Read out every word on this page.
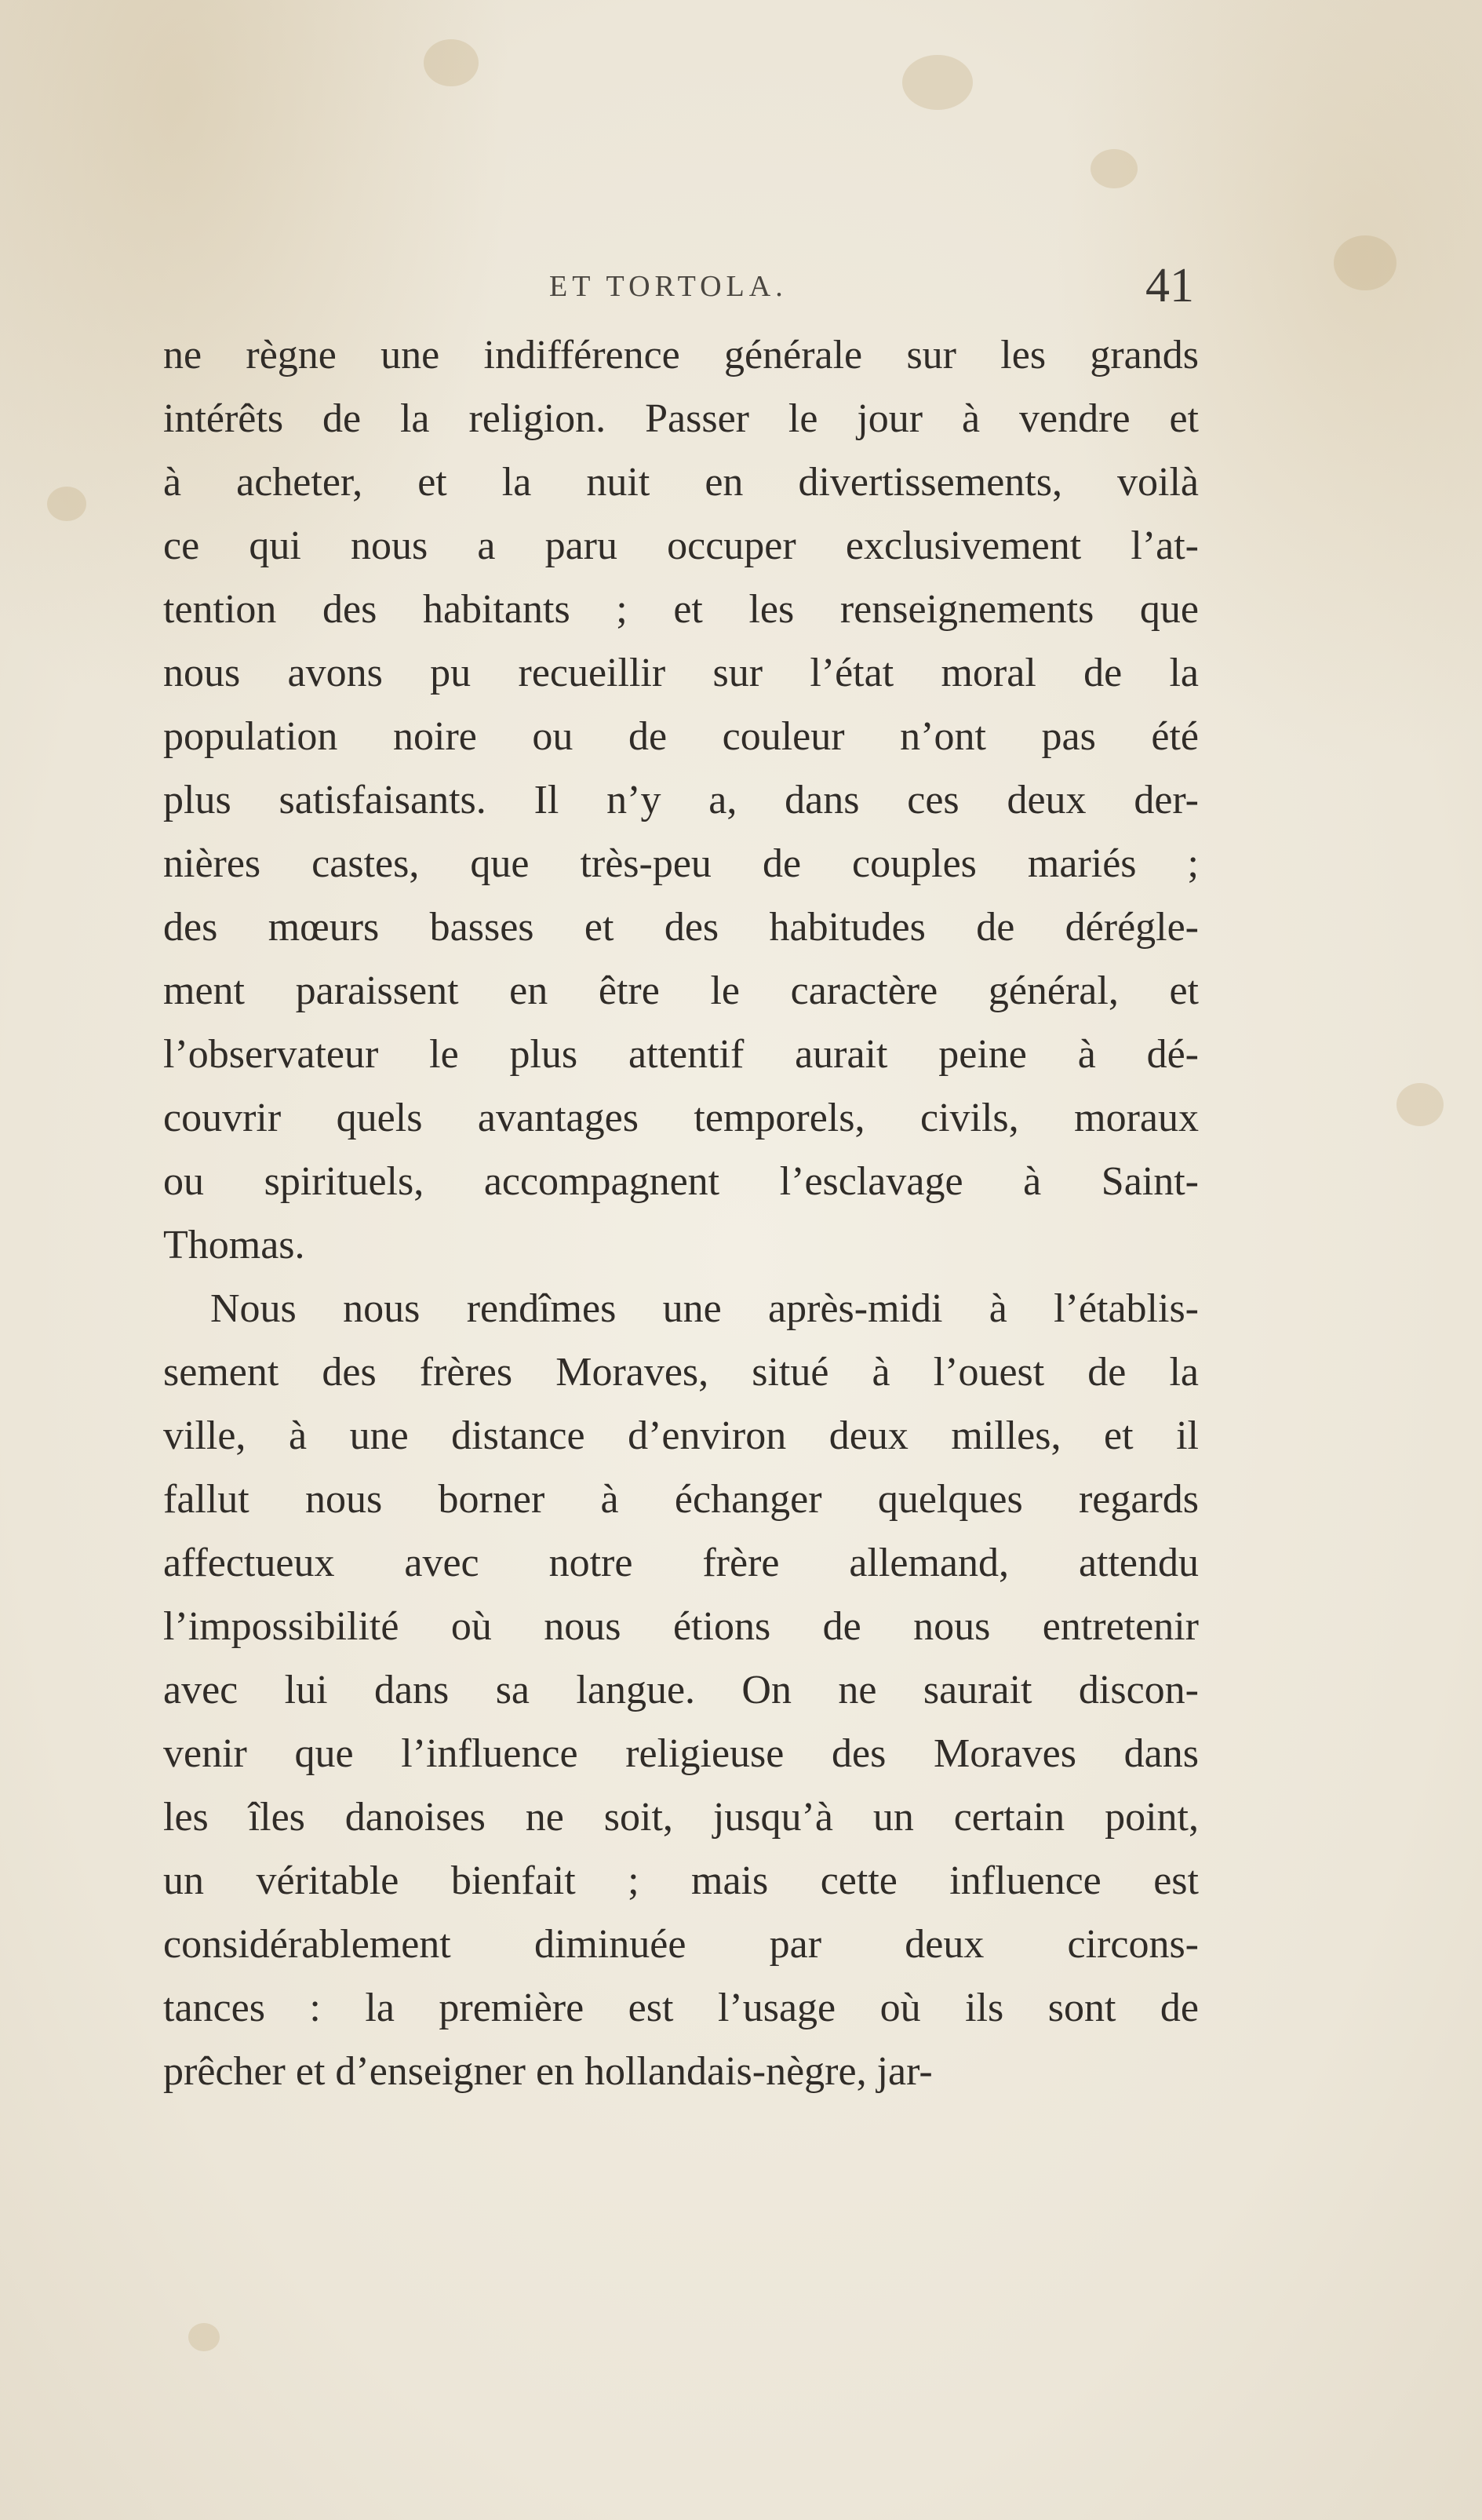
ET TORTOLA.	41
ne règne une indifférence générale sur les grands
intérêts de la religion. Passer le jour à vendre et
à acheter, et la nuit en divertissements, voilà
ce qui nous a paru occuper exclusivement l’at-
tention des habitants ; et les renseignements que
nous avons pu recueillir sur l’état moral de la
population noire ou de couleur n’ont pas été
plus satisfaisants. Il n’y a, dans ces deux der-
nières castes, que très-peu de couples mariés ;
des mœurs basses et des habitudes de dérégle-
ment paraissent en être le caractère général, et
l’observateur le plus attentif aurait peine à dé-
couvrir quels avantages temporels, civils, moraux
ou spirituels, accompagnent l’esclavage à Saint-
Thomas.
Nous nous rendîmes une après-midi à l’établis-
sement des frères Moraves, situé à l’ouest de la
ville, à une distance d’environ deux milles, et il
fallut nous borner à échanger quelques regards
affectueux avec notre frère allemand, attendu
l’impossibilité où nous étions de nous entretenir
avec lui dans sa langue. On ne saurait discon-
venir que l’influence religieuse des Moraves dans
les îles danoises ne soit, jusqu’à un certain point,
un véritable bienfait ; mais cette influence est
considérablement diminuée par deux circons-
tances : la première est l’usage où ils sont de
prêcher et d’enseigner en hollandais-nègre, jar-
